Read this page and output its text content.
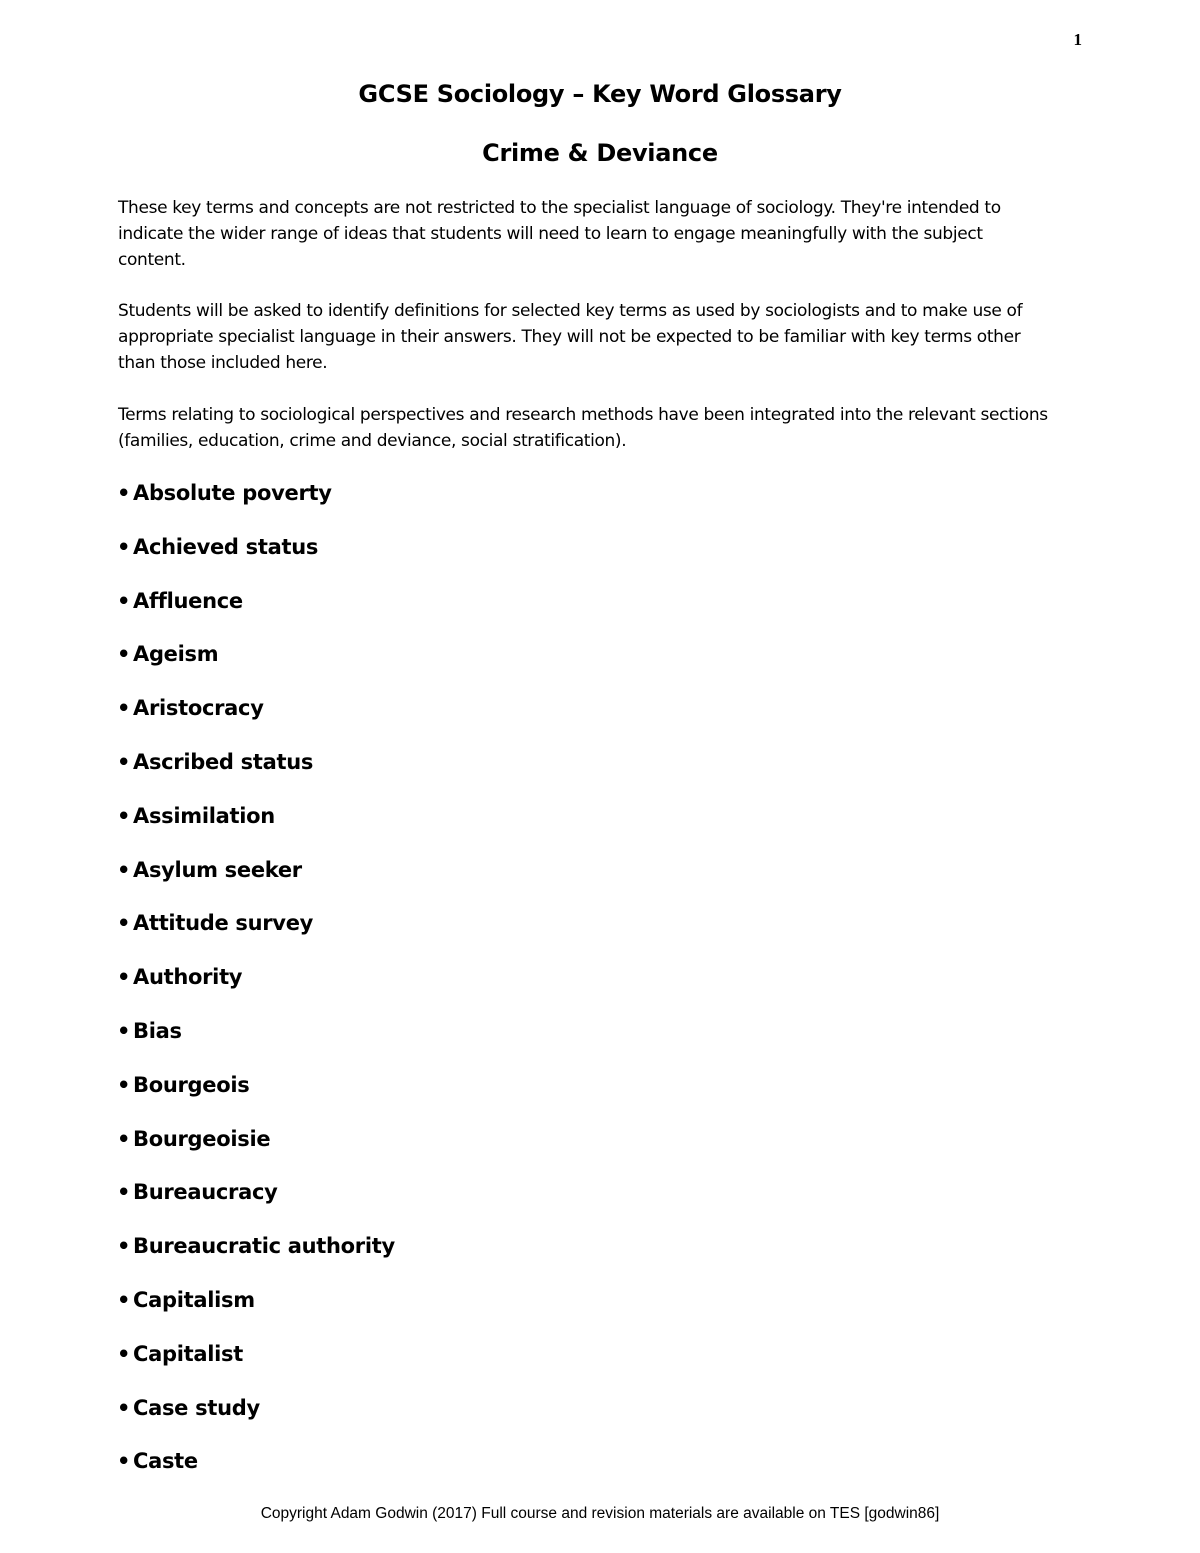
1
GCSE Sociology – Key Word Glossary
Crime & Deviance

These key terms and concepts are not restricted to the specialist language of sociology. They're intended to indicate the wider range of ideas that students will need to learn to engage meaningfully with the subject content.

Students will be asked to identify definitions for selected key terms as used by sociologists and to make use of appropriate specialist language in their answers. They will not be expected to be familiar with key terms other than those included here.

Terms relating to sociological perspectives and research methods have been integrated into the relevant sections (families, education, crime and deviance, social stratification).

• Absolute poverty
• Achieved status
• Affluence
• Ageism
• Aristocracy
• Ascribed status
• Assimilation
• Asylum seeker
• Attitude survey
• Authority
• Bias
• Bourgeois
• Bourgeoisie
• Bureaucracy
• Bureaucratic authority
• Capitalism
• Capitalist
• Case study
• Caste
Copyright Adam Godwin (2017) Full course and revision materials are available on TES [godwin86]
